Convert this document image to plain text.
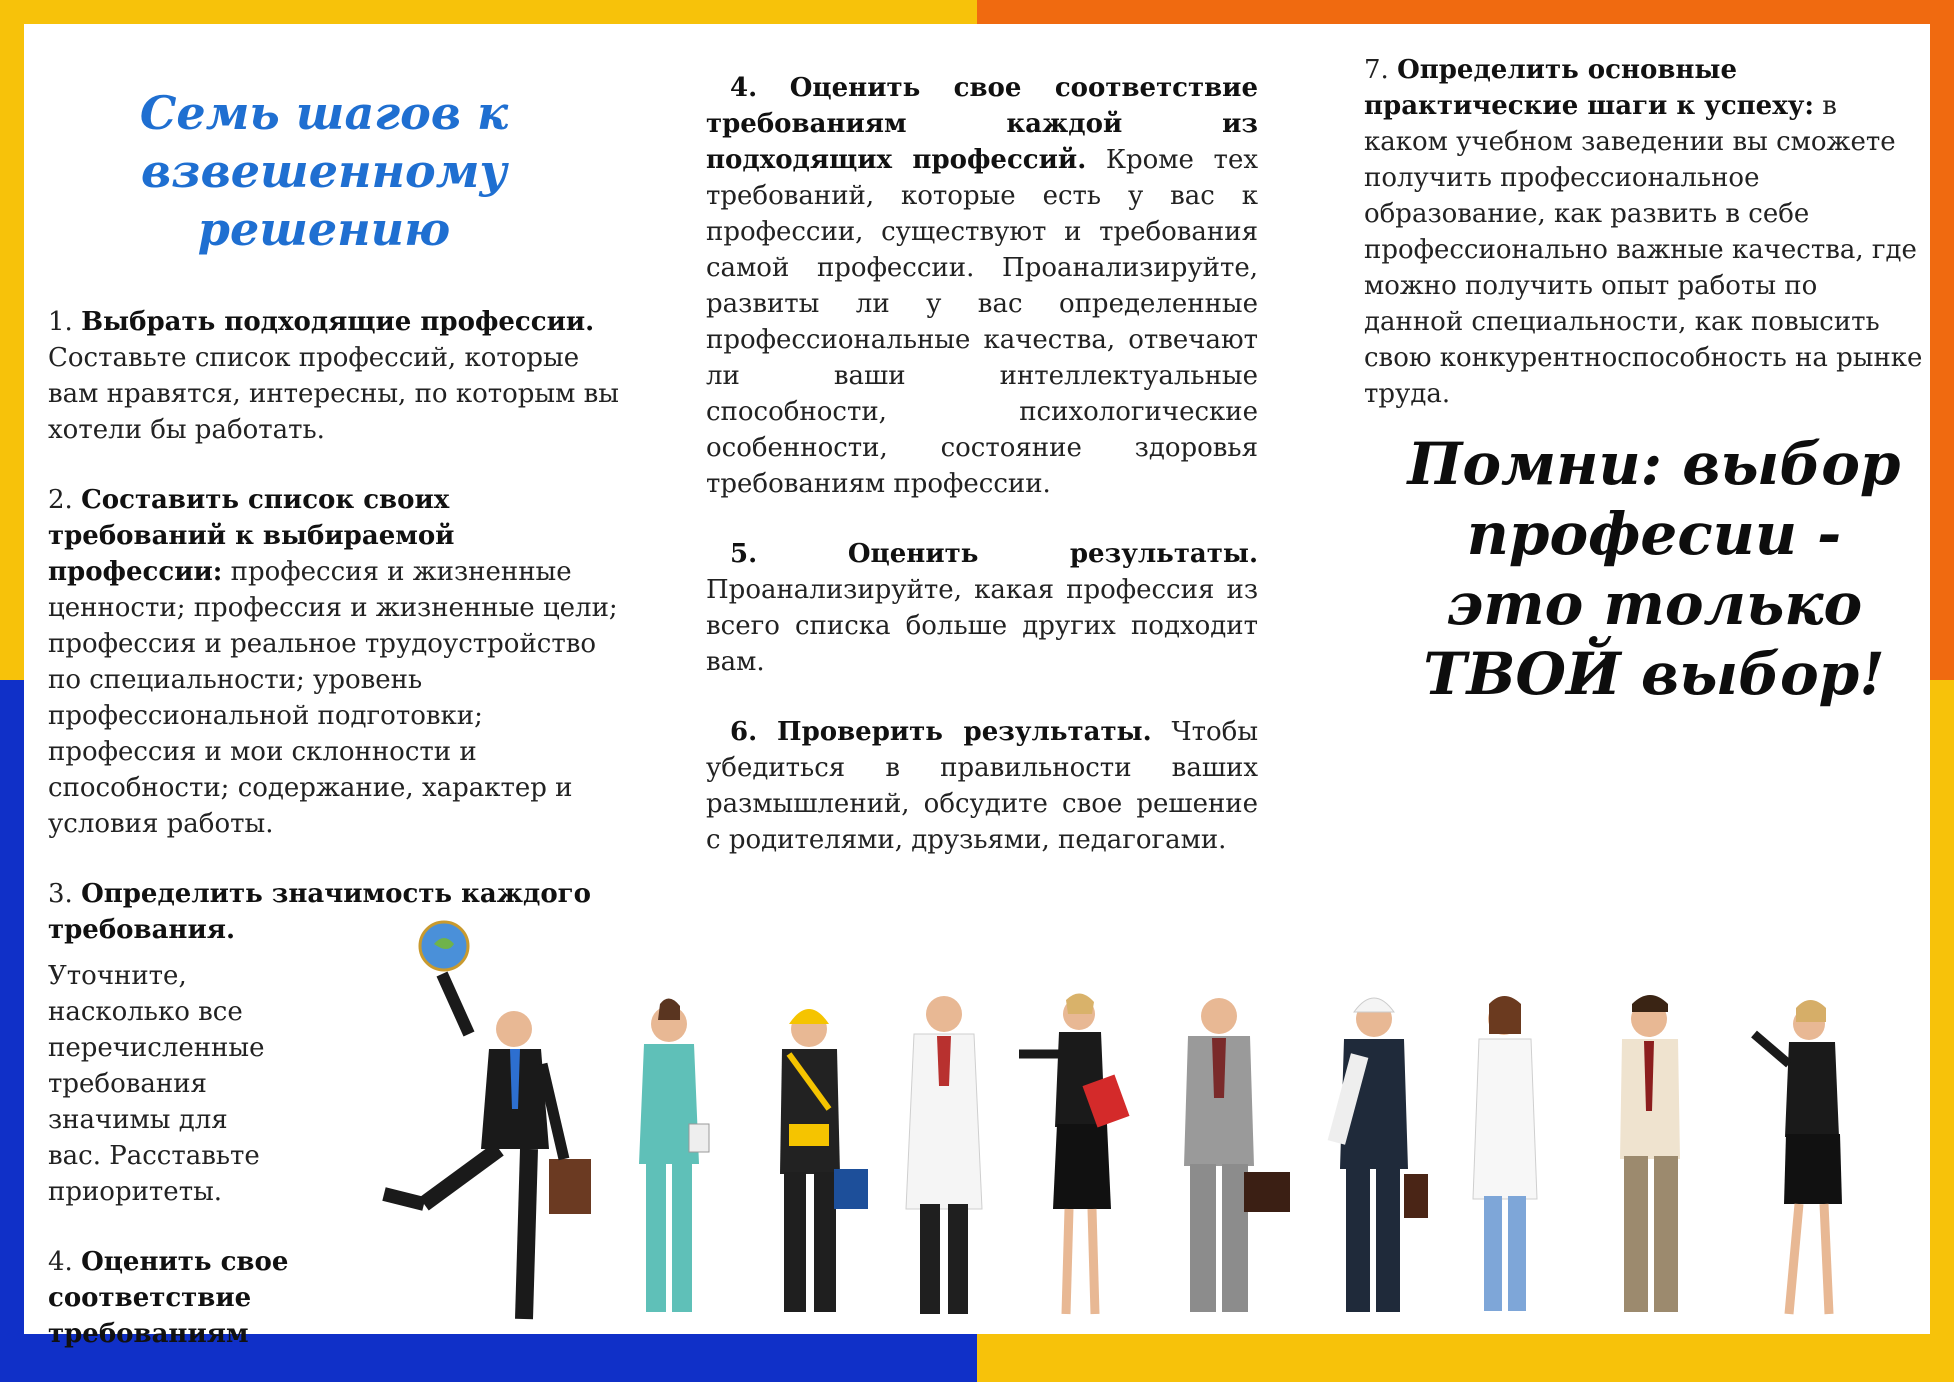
Семь шагов к взвешенному решению

1. Выбрать подходящие профессии. Составьте список профессий, которые вам нравятся, интересны, по которым вы хотели бы работать.

2. Составить список своих требований к выбираемой профессии: профессия и жизненные ценности; профессия и жизненные цели; профессия и реальное трудоустройство по специальности; уровень профессиональной подготовки; профессия и мои склонности и способности; содержание, характер и условия работы.

3. Определить значимость каждого требования.

Уточните, насколько все перечисленные требования значимы для вас. Расставьте приоритеты.

4. Оценить свое соответствие требованиям

4. Оценить свое соответствие требованиям каждой из подходящих профессий. Кроме тех требований, которые есть у вас к профессии, существуют и требования самой профессии. Проанализируйте, развиты ли у вас определенные профессиональные качества, отвечают ли ваши интеллектуальные способности, психологические особенности, состояние здоровья требованиям профессии.

5.	Оценить результаты. Проанализируйте, какая профессия из всего списка больше других подходит вам.

6. Проверить результаты. Чтобы убедиться в правильности ваших размышлений, обсудите свое решение с родителями, друзьями, педагогами.

7. Определить основные практические шаги к успеху: в каком учебном заведении вы сможете получить профессиональное образование, как развить в себе профессионально важные качества, где можно получить опыт работы по данной специальности, как повысить свою конкурентноспособность на рынке труда.

Помни: выбор професии - это только ТВОЙ выбор!
